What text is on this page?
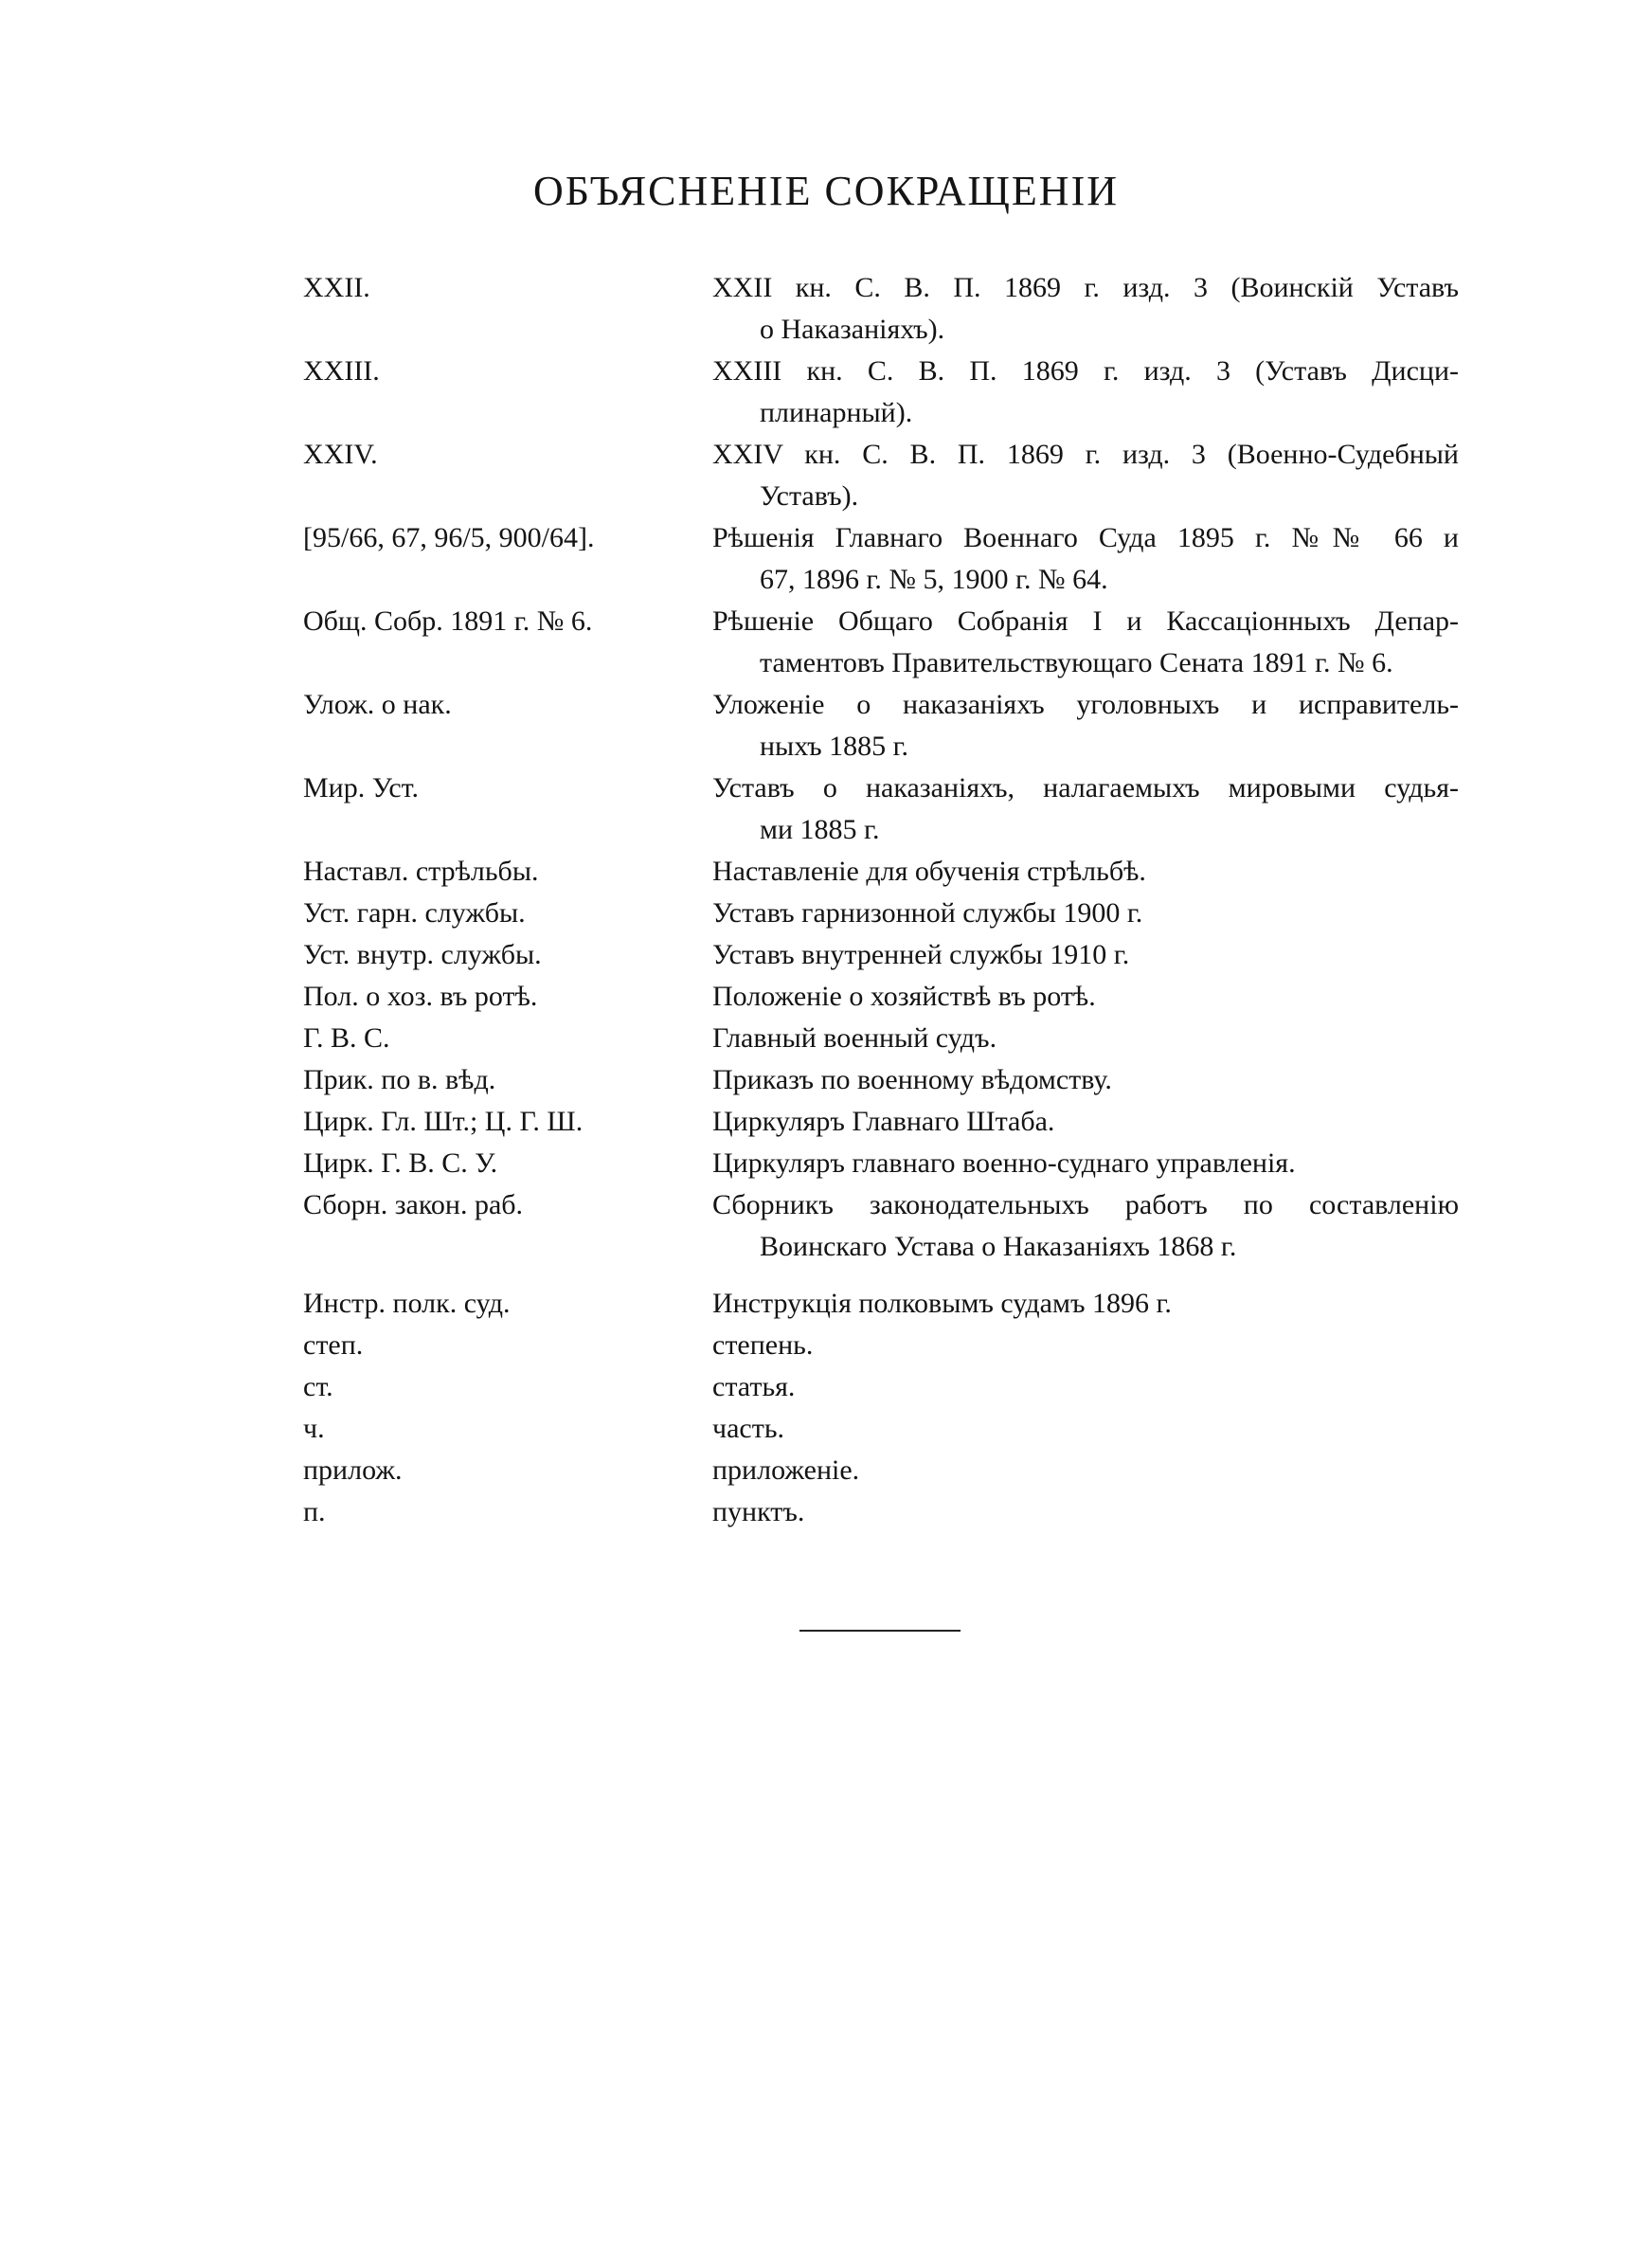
ОБЪЯСНЕНІЕ СОКРАЩЕНІИ
XXII.	XXII кн. С. В. П. 1869 г. изд. 3 (Воинскій Уставъ
о Наказаніяхъ).
XXIII.	XXIII кн. С. В. П. 1869 г. изд. 3 (Уставъ Дисци-
плинарный).
XXIV.	XXIV кн. С. В. П. 1869 г. изд. 3 (Военно-Судебный
Уставъ).
[95/66, 67, 96/5, 900/64].	Рѣшенія Главнаго Военнаго Суда 1895 г. №№ 66 и
67, 1896 г. № 5, 1900 г. № 64.
Общ. Собр. 1891 г. № 6.	Рѣшеніе Общаго Собранія I и Кассаціонныхъ Депар-
таментовъ Правительствующаго Сената 1891 г. № 6.
Улож. о нак.	Уложеніе о наказаніяхъ уголовныхъ и исправитель-
ныхъ 1885 г.
Мир. Уст.	Уставъ о наказаніяхъ, налагаемыхъ мировыми судья-
ми 1885 г.
Наставл. стрѣльбы.	Наставленіе для обученія стрѣльбѣ.
Уст. гарн. службы.	Уставъ гарнизонной службы 1900 г.
Уст. внутр. службы.	Уставъ внутренней службы 1910 г.
Пол. о хоз. въ ротѣ.	Положеніе о хозяйствѣ въ ротѣ.
Г. В. С.	Главный военный судъ.
Прик. по в. вѣд.	Приказъ по военному вѣдомству.
Цирк. Гл. Шт.; Ц. Г. Ш.	Циркуляръ Главнаго Штаба.
Цирк. Г. В. С. У.	Циркуляръ главнаго военно-суднаго управленія.
Сборн. закон. раб.	Сборникъ законодательныхъ работъ по составленію
Воинскаго Устава о Наказаніяхъ 1868 г.
Инстр. полк. суд.	Инструкція полковымъ судамъ 1896 г.
степ.	степень.
ст.	статья.
ч.	часть.
прилож.	приложеніе.
п.	пунктъ.
